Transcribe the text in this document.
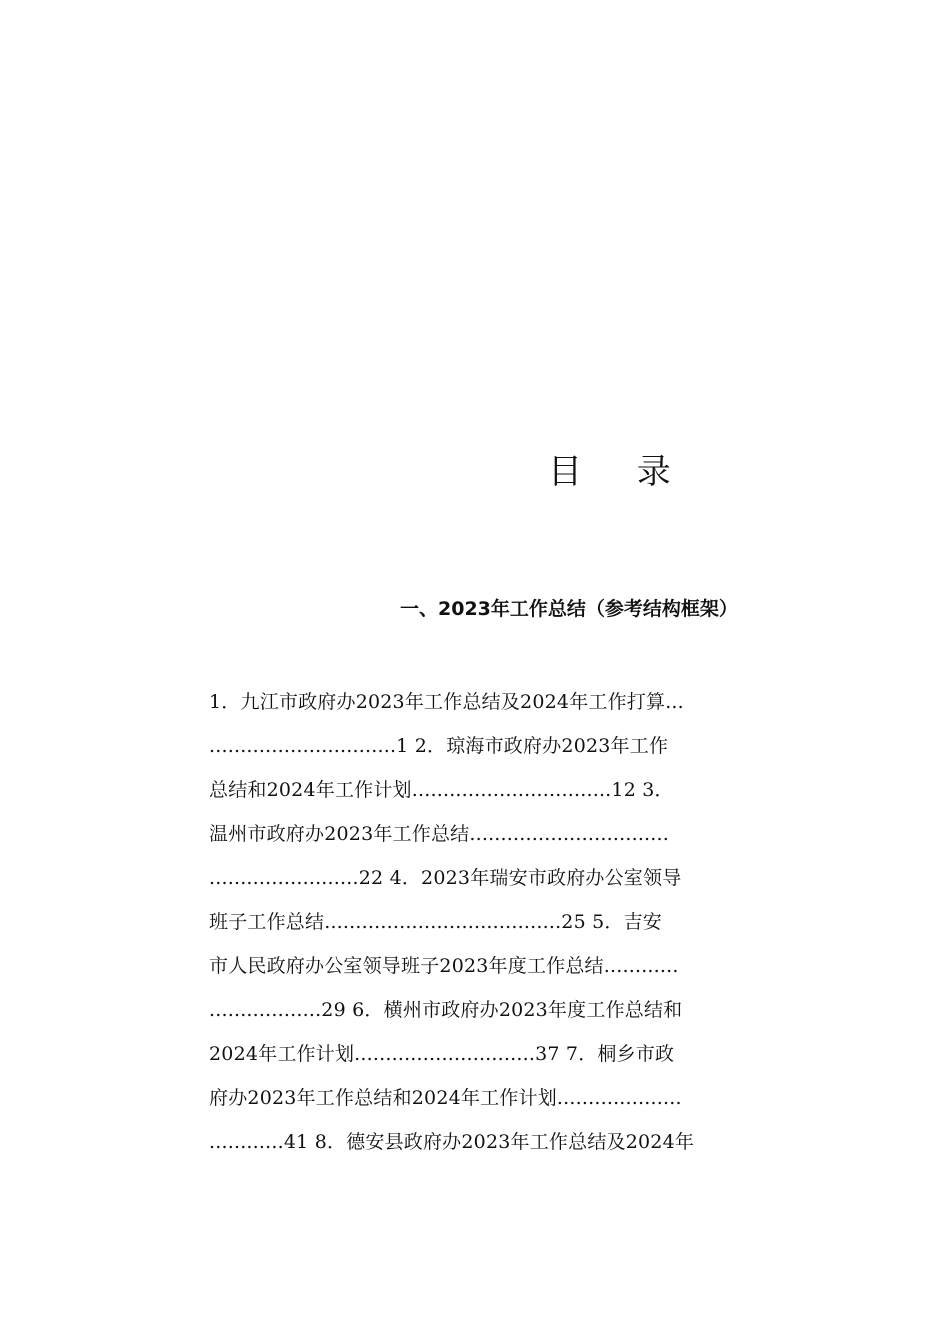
目 录
一、2023年工作总结（参考结构框架）
1．九江市政府办2023年工作总结及2024年工作打算...
..............................1 2．琼海市政府办2023年工作
总结和2024年工作计划................................12 3．
温州市政府办2023年工作总结................................
........................22 4．2023年瑞安市政府办公室领导
班子工作总结......................................25 5．吉安
市人民政府办公室领导班子2023年度工作总结............
..................29 6．横州市政府办2023年度工作总结和
2024年工作计划.............................37 7．桐乡市政
府办2023年工作总结和2024年工作计划....................
............41 8．德安县政府办2023年工作总结及2024年
